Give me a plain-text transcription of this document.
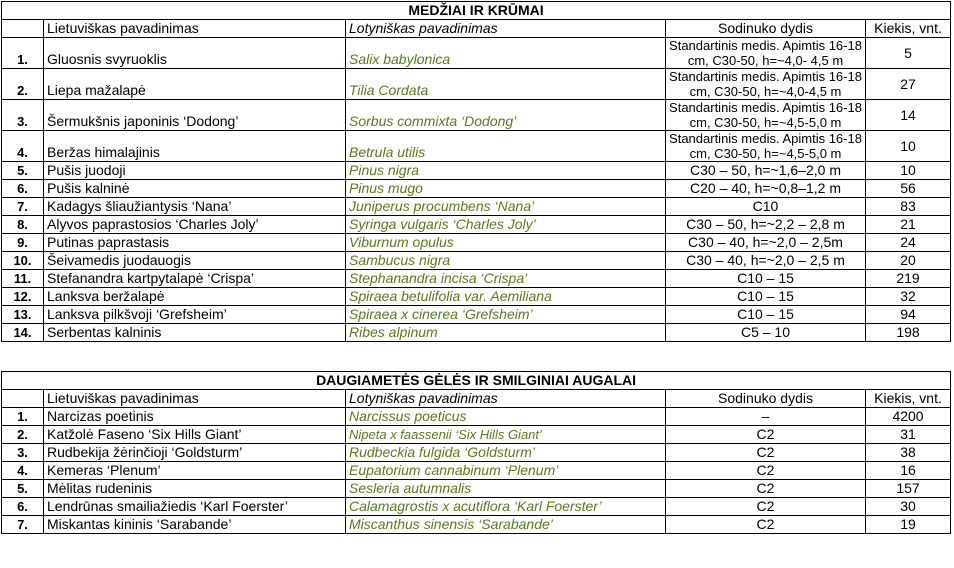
MEDŽIAI IR KRŪMAI				
	Lietuviškas pavadinimas	Lotyniškas pavadinimas	Sodinuko dydis	Kiekis, vnt.
1.	Gluosnis svyruoklis	Salix babylonica	Standartinis medis. Apimtis 16-18 cm, C30-50, h=~4,0- 4,5 m	5
2.	Liepa mažalapė	Tilia Cordata	Standartinis medis. Apimtis 16-18 cm, C30-50, h=~4,0-4,5 m	27
3.	Šermukšnis japoninis ‘Dodong’	Sorbus commixta ‘Dodong’	Standartinis medis. Apimtis 16-18 cm, C30-50, h=~4,5-5,0 m	14
4.	Beržas himalajinis	Betrula utilis	Standartinis medis. Apimtis 16-18 cm, C30-50, h=~4,5-5,0 m	10
5.	Pušis juodoji	Pinus nigra	C30 – 50, h=~1,6–2,0 m	10
6.	Pušis kalninė	Pinus mugo	C20 – 40, h=~0,8–1,2 m	56
7.	Kadagys šliaužiantysis ‘Nana’	Juniperus procumbens ‘Nana’	C10	83
8.	Alyvos paprastosios ‘Charles Joly’	Syringa vulgaris ‘Charles Joly’	C30 – 50, h=~2,2 – 2,8 m	21
9.	Putinas paprastasis	Viburnum opulus	C30 – 40, h=~2,0 – 2,5m	24
10.	Šeivamedis juodauogis	Sambucus nigra	C30 – 40, h=~2,0 – 2,5 m	20
11.	Stefanandra kartpytalapė ‘Crispa’	Stephanandra incisa ‘Crispa’	C10 – 15	219
12.	Lanksva beržalapė	Spiraea betulifolia var. Aemiliana	C10 – 15	32
13.	Lanksva pilkšvoji ‘Grefsheim’	Spiraea x cinerea ‘Grefsheim’	C10 – 15	94
14.	Serbentas kalninis	Ribes alpinum	C5 – 10	198
DAUGIAMETĖS GĖLĖS IR SMILGINIAI AUGALAI				
	Lietuviškas pavadinimas	Lotyniškas pavadinimas	Sodinuko dydis	Kiekis, vnt.
1.	Narcizas poetinis	Narcissus poeticus	–	4200
2.	Katžolė Faseno ‘Six Hills Giant’	Nipeta x faassenii ‘Six Hills Giant’	C2	31
3.	Rudbekija žėrinčioji ‘Goldsturm’	Rudbeckia fulgida ‘Goldsturm’	C2	38
4.	Kemeras ‘Plenum’	Eupatorium cannabinum ‘Plenum’	C2	16
5.	Mėlitas rudeninis	Sesleria autumnalis	C2	157
6.	Lendrūnas smailiažiedis ‘Karl Foerster’	Calamagrostis x acutiflora ‘Karl Foerster’	C2	30
7.	Miskantas kininis ‘Sarabande’	Miscanthus sinensis ‘Sarabande’	C2	19
